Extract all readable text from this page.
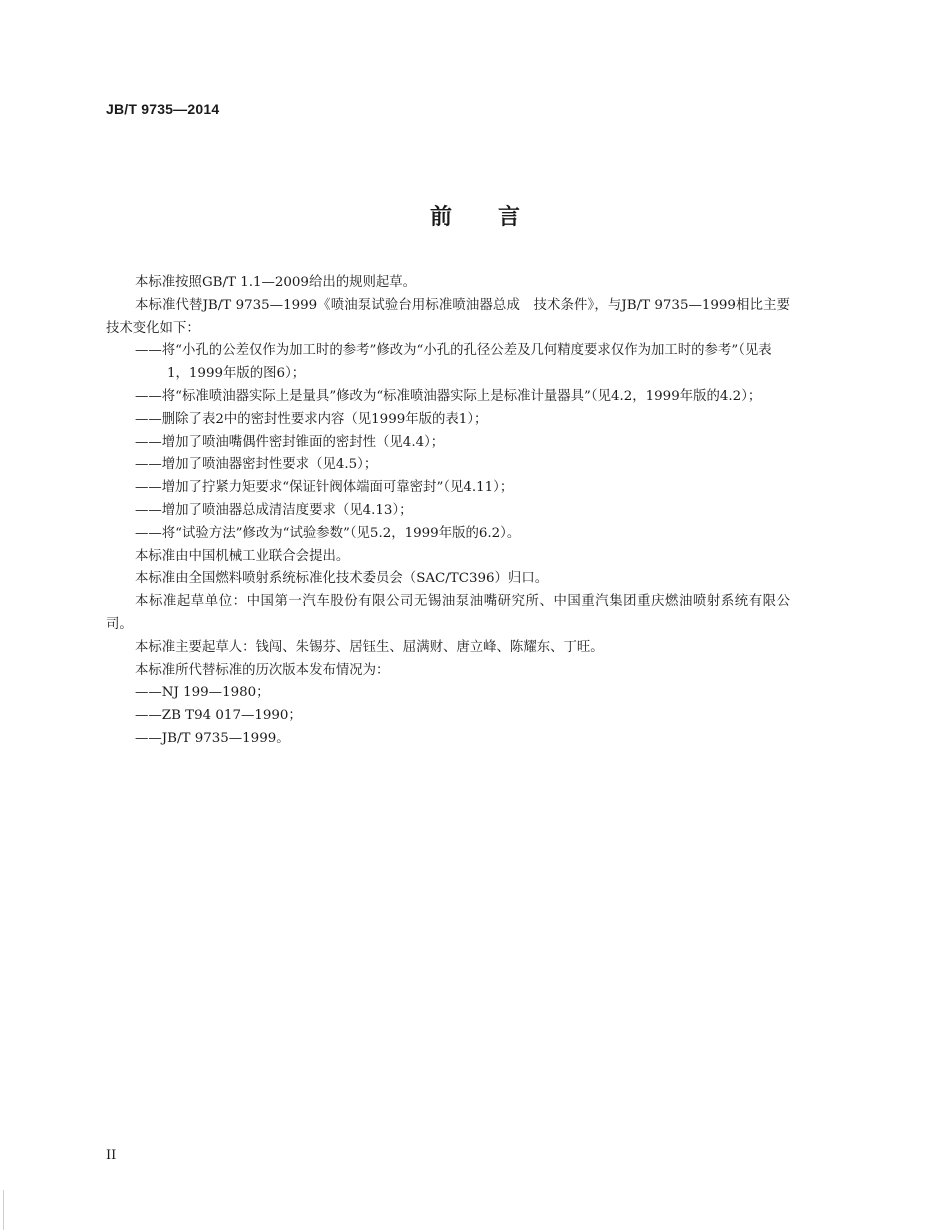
JB/T 9735—2014
前言

本标准按照GB/T 1.1—2009给出的规则起草。

本标准代替JB/T 9735—1999《喷油泵试验台用标准喷油器总成　技术条件》，与JB/T 9735—1999相比主要技术变化如下：

——将“小孔的公差仅作为加工时的参考”修改为“小孔的孔径公差及几何精度要求仅作为加工时的参考”（见表1，1999年版的图6）；

——将“标准喷油器实际上是量具”修改为“标准喷油器实际上是标准计量器具”（见4.2，1999年版的4.2）；

——删除了表2中的密封性要求内容（见1999年版的表1）；

——增加了喷油嘴偶件密封锥面的密封性（见4.4）；

——增加了喷油器密封性要求（见4.5）；

——增加了拧紧力矩要求“保证针阀体端面可靠密封”（见4.11）；

——增加了喷油器总成清洁度要求（见4.13）；

——将“试验方法”修改为“试验参数”（见5.2，1999年版的6.2）。

本标准由中国机械工业联合会提出。

本标准由全国燃料喷射系统标准化技术委员会（SAC/TC396）归口。

本标准起草单位：中国第一汽车股份有限公司无锡油泵油嘴研究所、中国重汽集团重庆燃油喷射系统有限公司。

本标准主要起草人：钱闯、朱锡芬、居钰生、屈满财、唐立峰、陈耀东、丁旺。

本标准所代替标准的历次版本发布情况为：

——NJ 199—1980；

——ZB T94 017—1990；

——JB/T 9735—1999。

II
